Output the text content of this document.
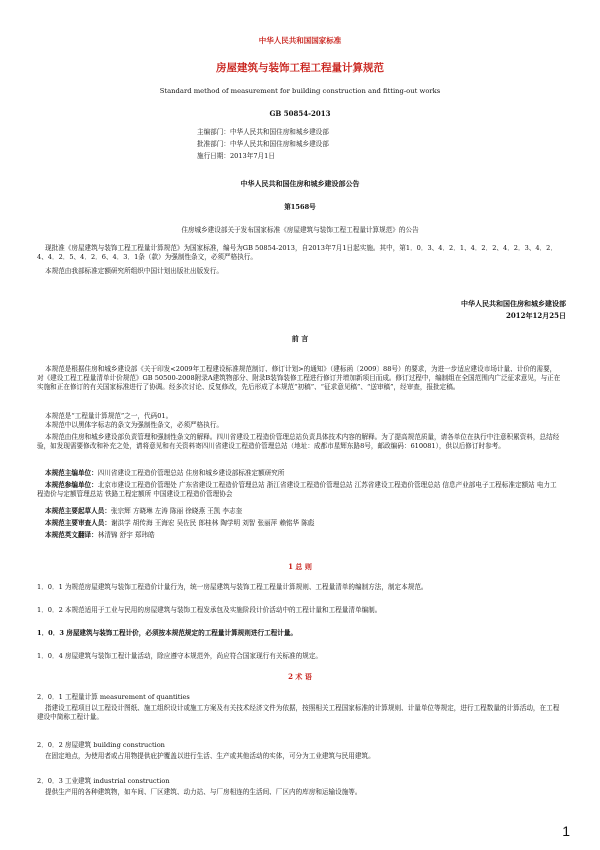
中华人民共和国国家标准
房屋建筑与装饰工程工程量计算规范
Standard method of measurement for building construction and fitting-out works
GB 50854-2013
主编部门：中华人民共和国住房和城乡建设部
批准部门：中华人民共和国住房和城乡建设部
施行日期：2013年7月1日
中华人民共和国住房和城乡建设部公告
第1568号
住房城乡建设部关于发布国家标准《房屋建筑与装饰工程工程量计算规范》的公告

现批准《房屋建筑与装饰工程工程量计算规范》为国家标准，编号为GB 50854-2013，自2013年7月1日起实施。其中，第1．0．3、4．2．1、4．2．2、4．2．3、4．2．4、4．2．5、4．2．6、4．3．1条（款）为强制性条文，必须严格执行。

本规范由我部标准定额研究所组织中国计划出版社出版发行。

中华人民共和国住房和城乡建设部
2012年12月25日
前 言

本规范是根据住房和城乡建设部《关于印发<2009年工程建设标准规范制订、修订计划>的通知》（建标函〔2009〕88号）的要求，为进一步适应建设市场计量、计价的需要，对《建设工程工程量清单计价规范》GB 50500-2008附录A建筑物部分、附录B装饰装修工程进行修订并增加新项目而成。修订过程中，编制组在全国范围内广泛征求意见，与正在实施和正在修订的有关国家标准进行了协调。经多次讨论、反复修改，先后形成了本规范“初稿”、“征求意见稿”、“送审稿”，经审查，报批定稿。

本规范是“工程量计算规范”之一，代码01。

本规范中以黑体字标志的条文为强制性条文，必须严格执行。

本规范由住房和城乡建设部负责管理和强制性条文的解释。四川省建设工程造价管理总站负责具体技术内容的解释。为了提高规范质量，请各单位在执行中注意积累资料，总结经验，如发现需要修改和补充之处，请将意见和有关资料寄四川省建设工程造价管理总站（地址：成都市星辉东路8号，邮政编码：610081），供以后修订时参考。

本规范主编单位：四川省建设工程造价管理总站 住房和城乡建设部标准定额研究所

本规范参编单位：北京市建设工程造价管理处 广东省建设工程造价管理总站 浙江省建设工程造价管理总站 江苏省建设工程造价管理总站 信息产业部电子工程标准定额站 电力工程造价与定额管理总站 铁路工程定额所 中国建设工程造价管理协会

本规范主要起草人员：张宗辉 方晓琳 左涛 陈丽 徐晓燕 王凯 李志奎

本规范主要审查人员：谢洪学 胡传海 王海宏 吴佐民 郎桂林 陶学明 刘智 张丽萍 赖铭华 陈彪

本规范英文翻译：林清锦 舒宇 郑玮皓

1 总 则

1．0．1 为规范房屋建筑与装饰工程造价计量行为，统一房屋建筑与装饰工程工程量计算规则、工程量清单的编制方法，制定本规范。

1．0．2 本规范适用于工业与民用的房屋建筑与装饰工程发承包及实施阶段计价活动中的工程计量和工程量清单编制。

1．0．3 房屋建筑与装饰工程计价，必须按本规范规定的工程量计算规则进行工程计量。

1．0．4 房屋建筑与装饰工程计量活动，除应遵守本规范外，尚应符合国家现行有关标准的规定。

2 术 语

2．0．1 工程量计算 measurement of quantities

指建设工程项目以工程设计图纸、施工组织设计或施工方案及有关技术经济文件为依据，按照相关工程国家标准的计算规则、计量单位等规定，进行工程数量的计算活动，在工程建设中简称工程计量。

2．0．2 房屋建筑 building construction

在固定地点，为使用者或占用物提供庇护覆盖以进行生活、生产或其他活动的实体，可分为工业建筑与民用建筑。

2．0．3 工业建筑 industrial construction

提供生产用的各种建筑物，如车间、厂区建筑、动力站、与厂房相连的生活间、厂区内的库房和运输设施等。

1
